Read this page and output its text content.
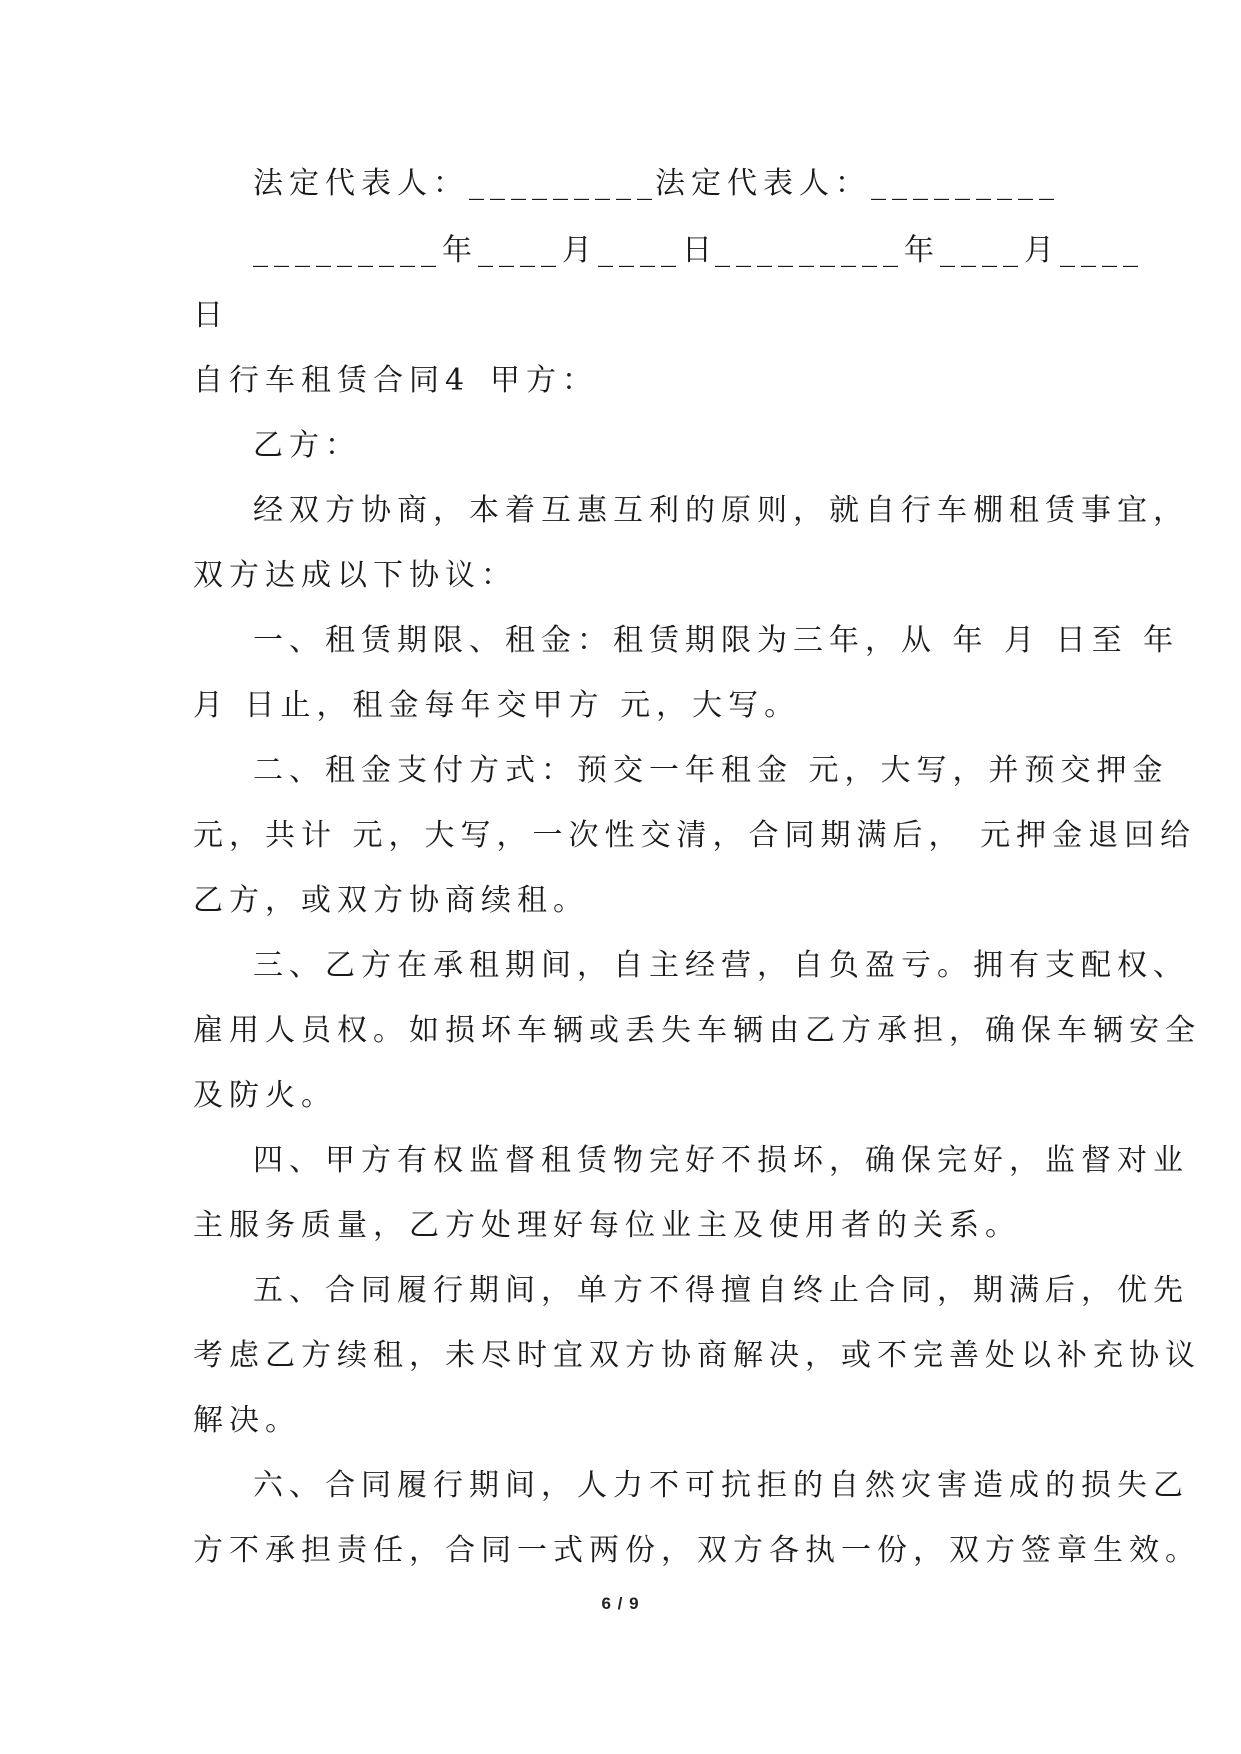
法定代表人：_________
法定代表人：_________
_________年____月____日
_________年____月____
日
自行车租赁合同4 甲方：
乙方：
经双方协商，本着互惠互利的原则，就自行车棚租赁事宜，
双方达成以下协议：
一、租赁期限、租金：租赁期限为三年，从 年 月 日至 年
月 日止，租金每年交甲方 元，大写。
二、租金支付方式：预交一年租金 元，大写，并预交押金
元，共计 元，大写，一次性交清，合同期满后， 元押金退回给
乙方，或双方协商续租。
三、乙方在承租期间，自主经营，自负盈亏。拥有支配权、
雇用人员权。如损坏车辆或丢失车辆由乙方承担，确保车辆安全
及防火。
四、甲方有权监督租赁物完好不损坏，确保完好，监督对业
主服务质量，乙方处理好每位业主及使用者的关系。
五、合同履行期间，单方不得擅自终止合同，期满后，优先
考虑乙方续租，未尽时宜双方协商解决，或不完善处以补充协议
解决。
六、合同履行期间，人力不可抗拒的自然灾害造成的损失乙
方不承担责任，合同一式两份，双方各执一份，双方签章生效。
6 / 9
